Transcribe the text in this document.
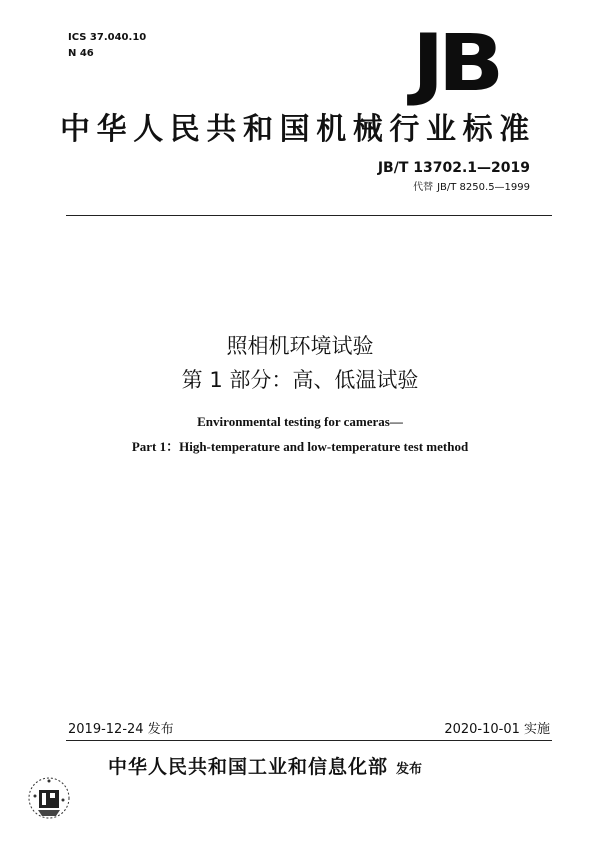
ICS 37.040.10
N 46	JB
中华人民共和国机械行业标准
JB/T 13702.1—2019
代替 JB/T 8250.5—1999
照相机环境试验
第 1 部分：高、低温试验
Environmental testing for cameras—
Part 1：High-temperature and low-temperature test method
2019-12-24 发布	2020-10-01 实施
中华人民共和国工业和信息化部 发布
